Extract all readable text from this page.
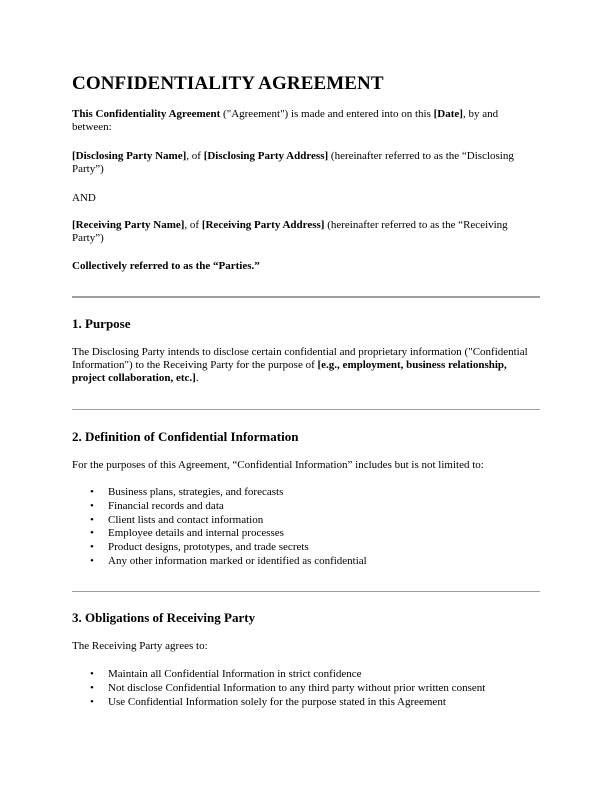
CONFIDENTIALITY AGREEMENT
This Confidentiality Agreement ("Agreement") is made and entered into on this [Date], by and between:
[Disclosing Party Name], of [Disclosing Party Address] (hereinafter referred to as the “Disclosing Party”)
AND
[Receiving Party Name], of [Receiving Party Address] (hereinafter referred to as the “Receiving Party”)
Collectively referred to as the “Parties.”
1. Purpose
The Disclosing Party intends to disclose certain confidential and proprietary information ("Confidential Information") to the Receiving Party for the purpose of [e.g., employment, business relationship, project collaboration, etc.].
2. Definition of Confidential Information
For the purposes of this Agreement, “Confidential Information” includes but is not limited to:
• Business plans, strategies, and forecasts
• Financial records and data
• Client lists and contact information
• Employee details and internal processes
• Product designs, prototypes, and trade secrets
• Any other information marked or identified as confidential
3. Obligations of Receiving Party
The Receiving Party agrees to:
• Maintain all Confidential Information in strict confidence
• Not disclose Confidential Information to any third party without prior written consent
• Use Confidential Information solely for the purpose stated in this Agreement
